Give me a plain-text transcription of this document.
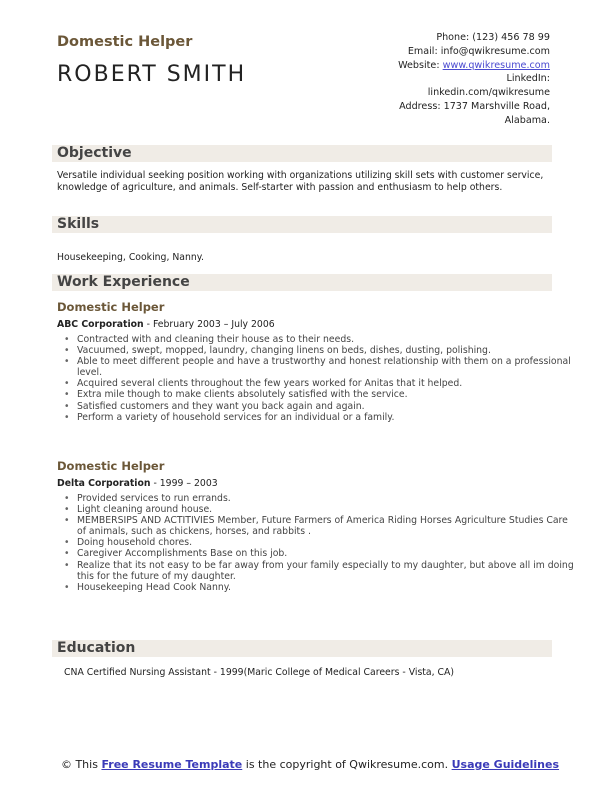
Domestic Helper
ROBERT SMITH
Phone: (123) 456 78 99
Email: info@qwikresume.com
Website: www.qwikresume.com
LinkedIn:
linkedin.com/qwikresume
Address: 1737 Marshville Road,
Alabama.
Objective
Versatile individual seeking position working with organizations utilizing skill sets with customer service, knowledge of agriculture, and animals. Self-starter with passion and enthusiasm to help others.
Skills
Housekeeping, Cooking, Nanny.
Work Experience
Domestic Helper
ABC Corporation - February 2003 – July 2006
• Contracted with and cleaning their house as to their needs.
• Vacuumed, swept, mopped, laundry, changing linens on beds, dishes, dusting, polishing.
• Able to meet different people and have a trustworthy and honest relationship with them on a professional level.
• Acquired several clients throughout the few years worked for Anitas that it helped.
• Extra mile though to make clients absolutely satisfied with the service.
• Satisfied customers and they want you back again and again.
• Perform a variety of household services for an individual or a family.
Domestic Helper
Delta Corporation - 1999 – 2003
• Provided services to run errands.
• Light cleaning around house.
• MEMBERSIPS AND ACTITIVIES Member, Future Farmers of America Riding Horses Agriculture Studies Care of animals, such as chickens, horses, and rabbits .
• Doing household chores.
• Caregiver Accomplishments Base on this job.
• Realize that its not easy to be far away from your family especially to my daughter, but above all im doing this for the future of my daughter.
• Housekeeping Head Cook Nanny.
Education
CNA Certified Nursing Assistant - 1999(Maric College of Medical Careers - Vista, CA)
© This Free Resume Template is the copyright of Qwikresume.com. Usage Guidelines
